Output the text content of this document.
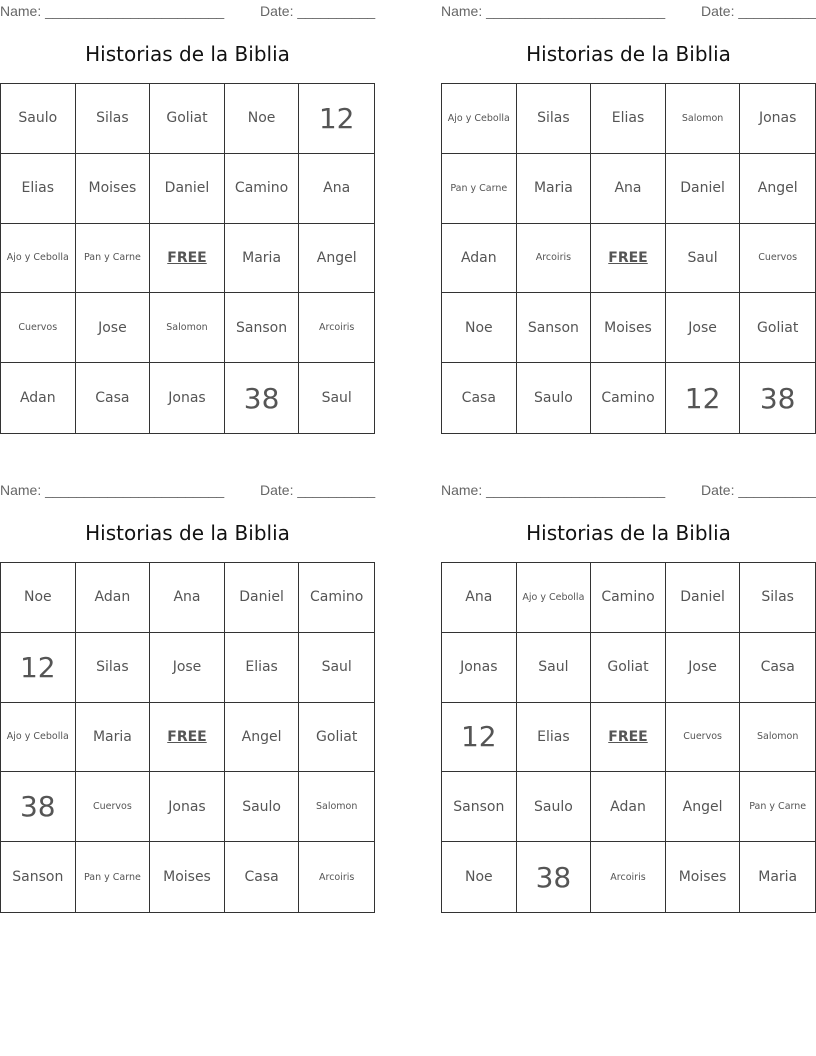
Name: _______________________	Date: __________
Historias de la Biblia
Saulo	Silas	Goliat	Noe	12
Elias	Moises	Daniel	Camino	Ana
Ajo y Cebolla	Pan y Carne	FREE	Maria	Angel
Cuervos	Jose	Salomon	Sanson	Arcoiris
Adan	Casa	Jonas	38	Saul
Name: _______________________	Date: __________
Historias de la Biblia
Ajo y Cebolla	Silas	Elias	Salomon	Jonas
Pan y Carne	Maria	Ana	Daniel	Angel
Adan	Arcoiris	FREE	Saul	Cuervos
Noe	Sanson	Moises	Jose	Goliat
Casa	Saulo	Camino	12	38
Name: _______________________	Date: __________
Historias de la Biblia
Noe	Adan	Ana	Daniel	Camino
12	Silas	Jose	Elias	Saul
Ajo y Cebolla	Maria	FREE	Angel	Goliat
38	Cuervos	Jonas	Saulo	Salomon
Sanson	Pan y Carne	Moises	Casa	Arcoiris
Name: _______________________	Date: __________
Historias de la Biblia
Ana	Ajo y Cebolla	Camino	Daniel	Silas
Jonas	Saul	Goliat	Jose	Casa
12	Elias	FREE	Cuervos	Salomon
Sanson	Saulo	Adan	Angel	Pan y Carne
Noe	38	Arcoiris	Moises	Maria
